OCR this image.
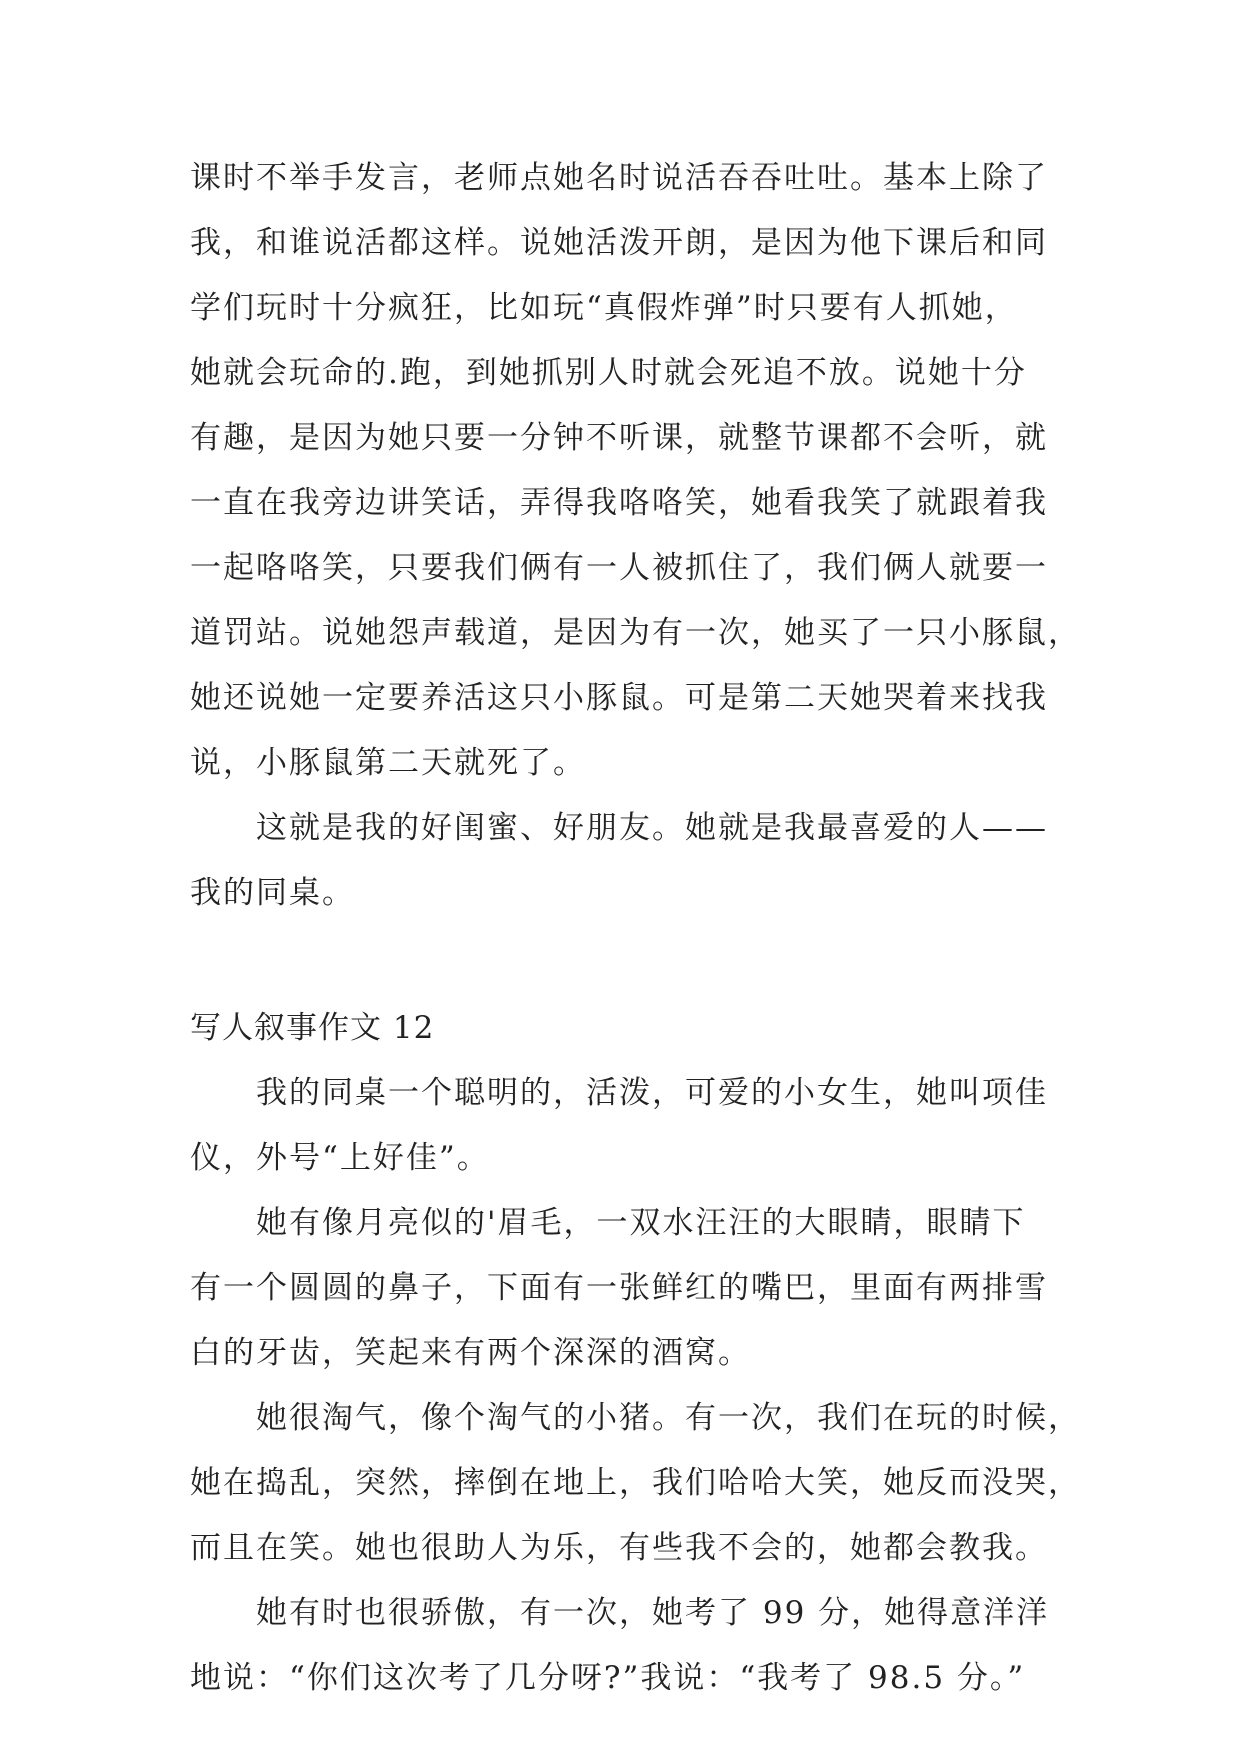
课时不举手发言，老师点她名时说活吞吞吐吐。基本上除了
我，和谁说活都这样。说她活泼开朗，是因为他下课后和同
学们玩时十分疯狂，比如玩“真假炸弹”时只要有人抓她，
她就会玩命的.跑，到她抓别人时就会死追不放。说她十分
有趣，是因为她只要一分钟不听课，就整节课都不会听，就
一直在我旁边讲笑话，弄得我咯咯笑，她看我笑了就跟着我
一起咯咯笑，只要我们俩有一人被抓住了，我们俩人就要一
道罚站。说她怨声载道，是因为有一次，她买了一只小豚鼠，
她还说她一定要养活这只小豚鼠。可是第二天她哭着来找我
说，小豚鼠第二天就死了。
这就是我的好闺蜜、好朋友。她就是我最喜爱的人——
我的同桌。
写人叙事作文 12
我的同桌一个聪明的，活泼，可爱的小女生，她叫项佳
仪，外号“上好佳”。
她有像月亮似的'眉毛，一双水汪汪的大眼睛，眼睛下
有一个圆圆的鼻子，下面有一张鲜红的嘴巴，里面有两排雪
白的牙齿，笑起来有两个深深的酒窝。
她很淘气，像个淘气的小猪。有一次，我们在玩的时候，
她在捣乱，突然，摔倒在地上，我们哈哈大笑，她反而没哭，
而且在笑。她也很助人为乐，有些我不会的，她都会教我。
她有时也很骄傲，有一次，她考了 99 分，她得意洋洋
地说：“你们这次考了几分呀?”我说：“我考了 98.5 分。”
